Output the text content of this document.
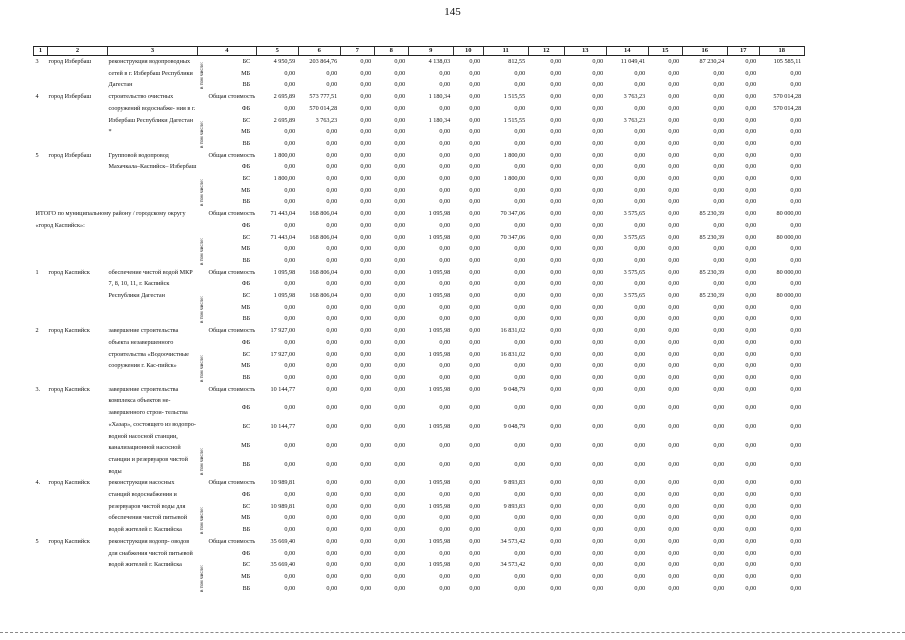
145
1	2	3	4		5	6	7	8	9	10	11	12	13	14	15	16	17	18
3	город Избербаш	реконструкция водопроводных сетей в г. Избербаш Республики Дагестан	в том числе:	БС	4 950,59	203 864,76	0,00	0,00	4 138,03	0,00	812,55	0,00	0,00	11 049,41	0,00	87 230,24	0,00	105 585,11
				МБ	0,00	0,00	0,00	0,00	0,00	0,00	0,00	0,00	0,00	0,00	0,00	0,00	0,00	0,00
				ВБ	0,00	0,00	0,00	0,00	0,00	0,00	0,00	0,00	0,00	0,00	0,00	0,00	0,00	0,00
4	город Избербаш	строительство очистных сооружений водоснабже- ния в г. Избербаш Республики Дагестан *	в том числе:	Общая стоимость	2 695,89	573 777,51	0,00	0,00	1 180,34	0,00	1 515,55	0,00	0,00	3 763,23	0,00	0,00	0,00	570 014,28
				ФБ	0,00	570 014,28	0,00	0,00	0,00	0,00	0,00	0,00	0,00	0,00	0,00	0,00	0,00	570 014,28
				БС	2 695,89	3 763,23	0,00	0,00	1 180,34	0,00	1 515,55	0,00	0,00	3 763,23	0,00	0,00	0,00	0,00
				МБ	0,00	0,00	0,00	0,00	0,00	0,00	0,00	0,00	0,00	0,00	0,00	0,00	0,00	0,00
				ВБ	0,00	0,00	0,00	0,00	0,00	0,00	0,00	0,00	0,00	0,00	0,00	0,00	0,00	0,00
5	город Избербаш	Групповой водопровод Махачкала–Каспийск– Избербаш	в том числе:	Общая стоимость	1 800,00	0,00	0,00	0,00	0,00	0,00	1 800,00	0,00	0,00	0,00	0,00	0,00	0,00	0,00
				ФБ	0,00	0,00	0,00	0,00	0,00	0,00	0,00	0,00	0,00	0,00	0,00	0,00	0,00	0,00
				БС	1 800,00	0,00	0,00	0,00	0,00	0,00	1 800,00	0,00	0,00	0,00	0,00	0,00	0,00	0,00
				МБ	0,00	0,00	0,00	0,00	0,00	0,00	0,00	0,00	0,00	0,00	0,00	0,00	0,00	0,00
				ВБ	0,00	0,00	0,00	0,00	0,00	0,00	0,00	0,00	0,00	0,00	0,00	0,00	0,00	0,00
ИТОГО по муниципальному району / городскому округу «город Каспийск»:			в том числе:	Общая стоимость	71 443,04	168 806,04	0,00	0,00	1 095,98	0,00	70 347,06	0,00	0,00	3 575,65	0,00	85 230,39	0,00	80 000,00
				ФБ	0,00	0,00	0,00	0,00	0,00	0,00	0,00	0,00	0,00	0,00	0,00	0,00	0,00	0,00
				БС	71 443,04	168 806,04	0,00	0,00	1 095,98	0,00	70 347,06	0,00	0,00	3 575,65	0,00	85 230,39	0,00	80 000,00
				МБ	0,00	0,00	0,00	0,00	0,00	0,00	0,00	0,00	0,00	0,00	0,00	0,00	0,00	0,00
				ВБ	0,00	0,00	0,00	0,00	0,00	0,00	0,00	0,00	0,00	0,00	0,00	0,00	0,00	0,00
1	город Каспийск	обеспечение чистой водой МКР 7, 8, 10, 11, г. Каспийск Республики Дагестан	в том числе:	Общая стоимость	1 095,98	168 806,04	0,00	0,00	1 095,98	0,00	0,00	0,00	0,00	3 575,65	0,00	85 230,39	0,00	80 000,00
				ФБ	0,00	0,00	0,00	0,00	0,00	0,00	0,00	0,00	0,00	0,00	0,00	0,00	0,00	0,00
				БС	1 095,98	168 806,04	0,00	0,00	1 095,98	0,00	0,00	0,00	0,00	3 575,65	0,00	85 230,39	0,00	80 000,00
				МБ	0,00	0,00	0,00	0,00	0,00	0,00	0,00	0,00	0,00	0,00	0,00	0,00	0,00	0,00
				ВБ	0,00	0,00	0,00	0,00	0,00	0,00	0,00	0,00	0,00	0,00	0,00	0,00	0,00	0,00
2	город Каспийск	завершение строительства объекта незавершенного строительства «Водоочистные сооружения г. Кас-пийск»	в том числе:	Общая стоимость	17 927,00	0,00	0,00	0,00	1 095,98	0,00	16 831,02	0,00	0,00	0,00	0,00	0,00	0,00	0,00
				ФБ	0,00	0,00	0,00	0,00	0,00	0,00	0,00	0,00	0,00	0,00	0,00	0,00	0,00	0,00
				БС	17 927,00	0,00	0,00	0,00	1 095,98	0,00	16 831,02	0,00	0,00	0,00	0,00	0,00	0,00	0,00
				МБ	0,00	0,00	0,00	0,00	0,00	0,00	0,00	0,00	0,00	0,00	0,00	0,00	0,00	0,00
				ВБ	0,00	0,00	0,00	0,00	0,00	0,00	0,00	0,00	0,00	0,00	0,00	0,00	0,00	0,00
3.	город Каспийск	завершение строительства комплекса объектов не- завершенного строи- тельства «Хазар», состоящего из водопро- водной насосной станции, канализационной насосной станции и резервуаров чистой воды	в том числе:	Общая стоимость	10 144,77	0,00	0,00	0,00	1 095,98	0,00	9 048,79	0,00	0,00	0,00	0,00	0,00	0,00	0,00
				ФБ	0,00	0,00	0,00	0,00	0,00	0,00	0,00	0,00	0,00	0,00	0,00	0,00	0,00	0,00
				БС	10 144,77	0,00	0,00	0,00	1 095,98	0,00	9 048,79	0,00	0,00	0,00	0,00	0,00	0,00	0,00
				МБ	0,00	0,00	0,00	0,00	0,00	0,00	0,00	0,00	0,00	0,00	0,00	0,00	0,00	0,00
				ВБ	0,00	0,00	0,00	0,00	0,00	0,00	0,00	0,00	0,00	0,00	0,00	0,00	0,00	0,00
4.	город Каспийск	реконструкция насосных станций водоснабжения и резервуаров чистой воды для обеспечения чистой питьевой водой жителей г. Каспийска	в том числе:	Общая стоимость	10 989,81	0,00	0,00	0,00	1 095,98	0,00	9 893,83	0,00	0,00	0,00	0,00	0,00	0,00	0,00
				ФБ	0,00	0,00	0,00	0,00	0,00	0,00	0,00	0,00	0,00	0,00	0,00	0,00	0,00	0,00
				БС	10 989,81	0,00	0,00	0,00	1 095,98	0,00	9 893,83	0,00	0,00	0,00	0,00	0,00	0,00	0,00
				МБ	0,00	0,00	0,00	0,00	0,00	0,00	0,00	0,00	0,00	0,00	0,00	0,00	0,00	0,00
				ВБ	0,00	0,00	0,00	0,00	0,00	0,00	0,00	0,00	0,00	0,00	0,00	0,00	0,00	0,00
5	город Каспийск	реконструкция водопр- оводов для снабжения чистой питьевой водой жителей г. Каспийска	в том числе:	Общая стоимость	35 669,40	0,00	0,00	0,00	1 095,98	0,00	34 573,42	0,00	0,00	0,00	0,00	0,00	0,00	0,00
				ФБ	0,00	0,00	0,00	0,00	0,00	0,00	0,00	0,00	0,00	0,00	0,00	0,00	0,00	0,00
				БС	35 669,40	0,00	0,00	0,00	1 095,98	0,00	34 573,42	0,00	0,00	0,00	0,00	0,00	0,00	0,00
				МБ	0,00	0,00	0,00	0,00	0,00	0,00	0,00	0,00	0,00	0,00	0,00	0,00	0,00	0,00
				ВБ	0,00	0,00	0,00	0,00	0,00	0,00	0,00	0,00	0,00	0,00	0,00	0,00	0,00	0,00
